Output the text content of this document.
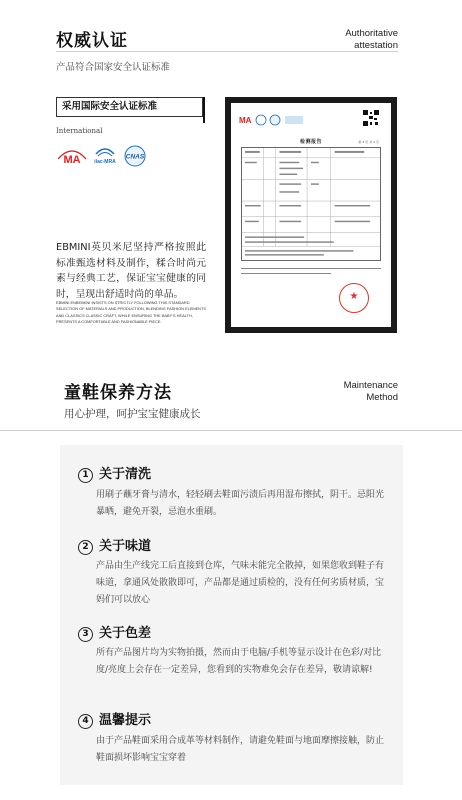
权威认证	Authoritative
attestation
产品符合国家安全认证标准
采用国际安全认证标准
International
MA	ilac-MRA
CNAS
EBMINI英贝米尼坚持严格按照此标准甄选材料及制作，糅合时尚元素与经典工艺，保证宝宝健康的同时，呈现出舒适时尚的单品。
EBMINI ENBEIMINI INSISTS ON STRICTLY FOLLOWING THIS STANDARD SELECTION OF MATERIALS AND PRODUCTION, BLENDING FASHION ELEMENTS AND CLASSICS CLASSIC CRAFT, WHILE ENSURING THE BABY'S HEALTH, PRESENTS A COMFORTABLE AND FASHIONABLE PIECE.
MA
检测报告	第 2 页 共 2 页
★
童鞋保养方法	Maintenance
Method
用心护理，呵护宝宝健康成长
1 关于清洗
用刷子蘸牙膏与清水，轻轻刷去鞋面污渍后再用湿布擦拭，阴干。忌阳光暴晒，避免开裂，忌泡水重刷。
2 关于味道
产品由生产线完工后直接到仓库，气味未能完全散掉，如果您收到鞋子有味道，拿通风处散散即可，产品都是通过质检的，没有任何劣质材质，宝妈们可以放心
3 关于色差
所有产品图片均为实物拍摄，然而由于电脑/手机等显示设计在色彩/对比度/亮度上会存在一定差异，您看到的实物难免会存在差异，敬请谅解!
4 温馨提示
由于产品鞋面采用合成革等材料制作，请避免鞋面与地面摩擦接触，防止鞋面损坏影响宝宝穿着
